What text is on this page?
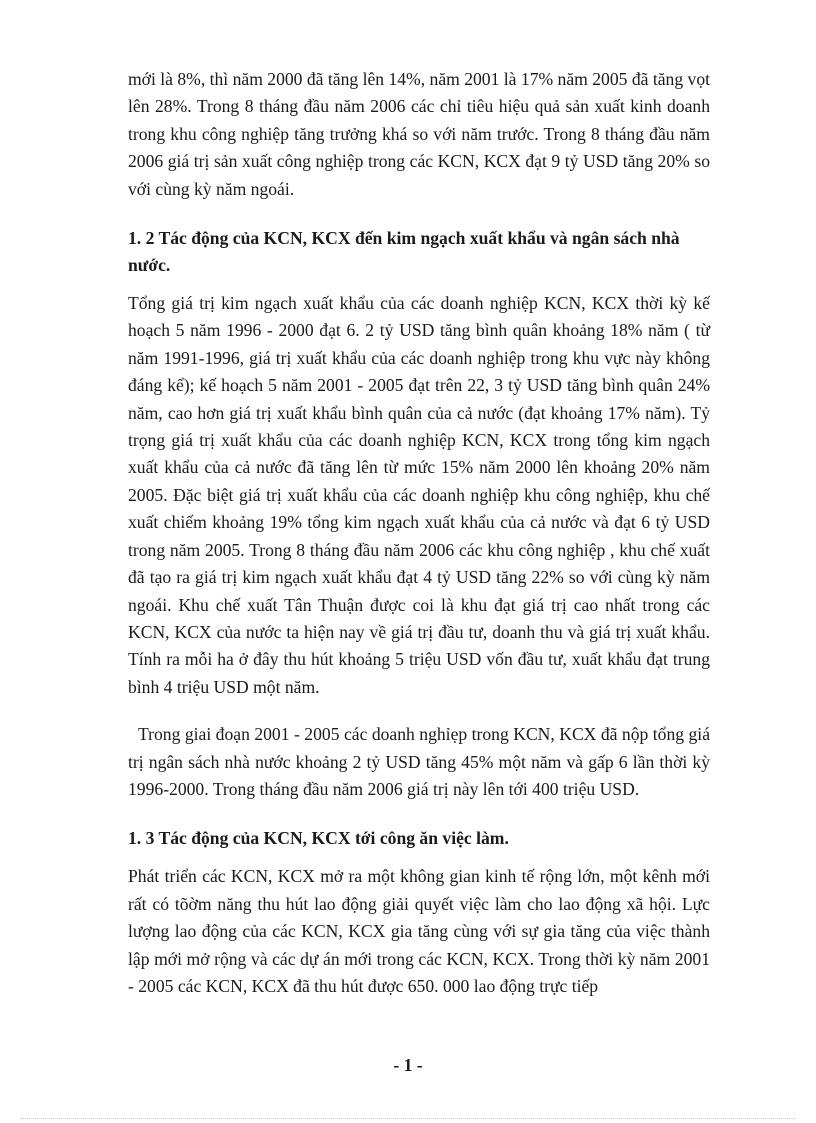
mới là 8%, thì năm 2000 đã tăng lên 14%, năm 2001 là 17% năm 2005 đã tăng vọt lên 28%. Trong 8 tháng đầu năm 2006 các chỉ tiêu hiệu quả sản xuất kinh doanh trong khu công nghiệp tăng trưởng khá so với năm trước. Trong 8 tháng đầu năm 2006 giá trị sản xuất công nghiệp trong các KCN, KCX đạt 9 tỷ USD tăng 20% so với cùng kỳ năm ngoái.

1. 2 Tác động của KCN, KCX đến kim ngạch xuất khẩu và ngân sách nhà nước.

Tổng giá trị kim ngạch xuất khẩu của các doanh nghiệp KCN, KCX thời kỳ kế hoạch 5 năm 1996 - 2000 đạt 6. 2 tỷ USD tăng bình quân khoảng 18% năm ( từ năm 1991-1996, giá trị xuất khẩu của các doanh nghiệp trong khu vực này không đáng kể); kế hoạch 5 năm 2001 - 2005 đạt trên 22, 3 tỷ USD tăng bình quân 24% năm, cao hơn giá trị xuất khẩu bình quân của cả nước (đạt khoảng 17% năm). Tỷ trọng giá trị xuất khẩu của các doanh nghiệp KCN, KCX trong tổng kim ngạch xuất khẩu của cả nước đã tăng lên từ mức 15% năm 2000 lên khoảng 20% năm 2005. Đặc biệt giá trị xuất khẩu của các doanh nghiệp khu công nghiệp, khu chế xuất chiếm khoảng 19% tổng kim ngạch xuất khẩu của cả nước và đạt 6 tỷ USD trong năm 2005. Trong 8 tháng đầu năm 2006 các khu công nghiệp , khu chế xuất đã tạo ra giá trị kim ngạch xuất khẩu đạt 4 tỷ USD tăng 22% so với cùng kỳ năm ngoái. Khu chế xuất Tân Thuận được coi là khu đạt giá trị cao nhất trong các KCN, KCX của nước ta hiện nay về giá trị đầu tư, doanh thu và giá trị xuất khẩu. Tính ra mỗi ha ở đây thu hút khoảng 5 triệu USD vốn đầu tư, xuất khẩu đạt trung bình 4 triệu USD một năm.

Trong giai đoạn 2001 - 2005 các doanh nghỉẹp trong KCN, KCX đã nộp tổng giá trị ngân sách nhà nước khoảng 2 tỷ USD tăng 45% một năm và gấp 6 lần thời kỳ 1996-2000. Trong tháng đầu năm 2006 giá trị này lên tới 400 triệu USD.

1. 3 Tác động của KCN, KCX tới công ăn việc làm.

Phát triển các KCN, KCX mở ra một không gian kinh tế rộng lớn, một kênh mới rất có tõờm năng thu hút lao động giải quyết việc làm cho lao động xã hội. Lực lượng lao động của các KCN, KCX gia tăng cùng với sự gia tăng của việc thành lập mới mở rộng và các dự án mới trong các KCN, KCX. Trong thời kỳ năm 2001 - 2005 các KCN, KCX đã thu hút được 650. 000 lao động trực tiếp

- 1 -
